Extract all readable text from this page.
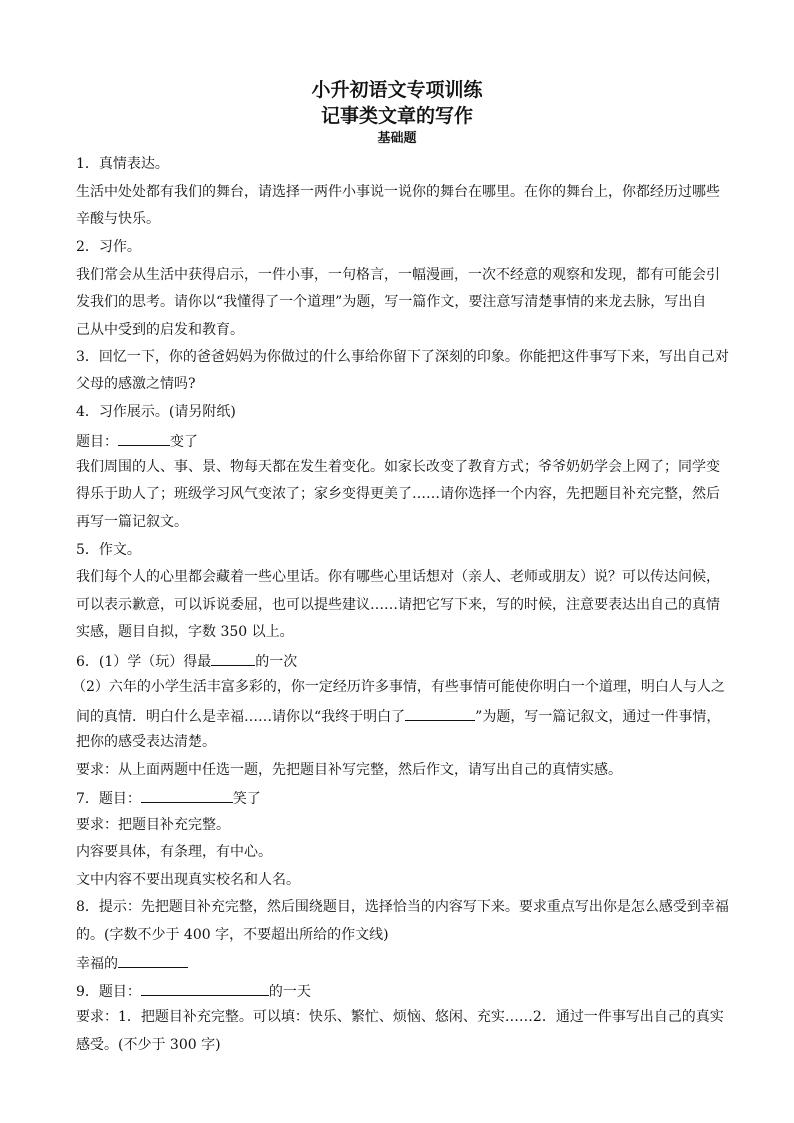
小升初语文专项训练
记事类文章的写作
基础题
1．真情表达。
生活中处处都有我们的舞台，请选择一两件小事说一说你的舞台在哪里。在你的舞台上，你都经历过哪些
辛酸与快乐。
2．习作。
我们常会从生活中获得启示，一件小事，一句格言，一幅漫画，一次不经意的观察和发现，都有可能会引
发我们的思考。请你以“我懂得了一个道理”为题，写一篇作文，要注意写清楚事情的来龙去脉，写出自
己从中受到的启发和教育。
3．回忆一下，你的爸爸妈妈为你做过的什么事给你留下了深刻的印象。你能把这件事写下来，写出自己对
父母的感激之情吗?
4．习作展示。(请另附纸)
题目：	变了
我们周围的人、事、景、物每天都在发生着变化。如家长改变了教育方式；爷爷奶奶学会上网了；同学变
得乐于助人了；班级学习风气变浓了；家乡变得更美了……请你选择一个内容，先把题目补充完整，然后
再写一篇记叙文。
5．作文。
我们每个人的心里都会藏着一些心里话。你有哪些心里话想对（亲人、老师或朋友）说？可以传达问候，
可以表示歉意，可以诉说委屈，也可以提些建议……请把它写下来，写的时候，注意要表达出自己的真情
实感，题目自拟，字数 350 以上。
6．(1）学（玩）得最	的一次
（2）六年的小学生活丰富多彩的，你一定经历许多事情，有些事情可能使你明白一个道理，明白人与人之
间的真情．明白什么是幸福……请你以“我终于明白了	”为题，写一篇记叙文，通过一件事情，
把你的感受表达清楚。
要求：从上面两题中任选一题，先把题目补写完整，然后作文，请写出自己的真情实感。
7．题目：	笑了
要求：把题目补充完整。
内容要具体，有条理，有中心。
文中内容不要出现真实校名和人名。
8．提示：先把题目补充完整，然后围绕题目，选择恰当的内容写下来。要求重点写出你是怎么感受到幸福
的。(字数不少于 400 字，不要超出所给的作文线)
幸福的
9．题目：	的一天
要求：1．把题目补充完整。可以填：快乐、繁忙、烦恼、悠闲、充实……2．通过一件事写出自己的真实
感受。(不少于 300 字)
